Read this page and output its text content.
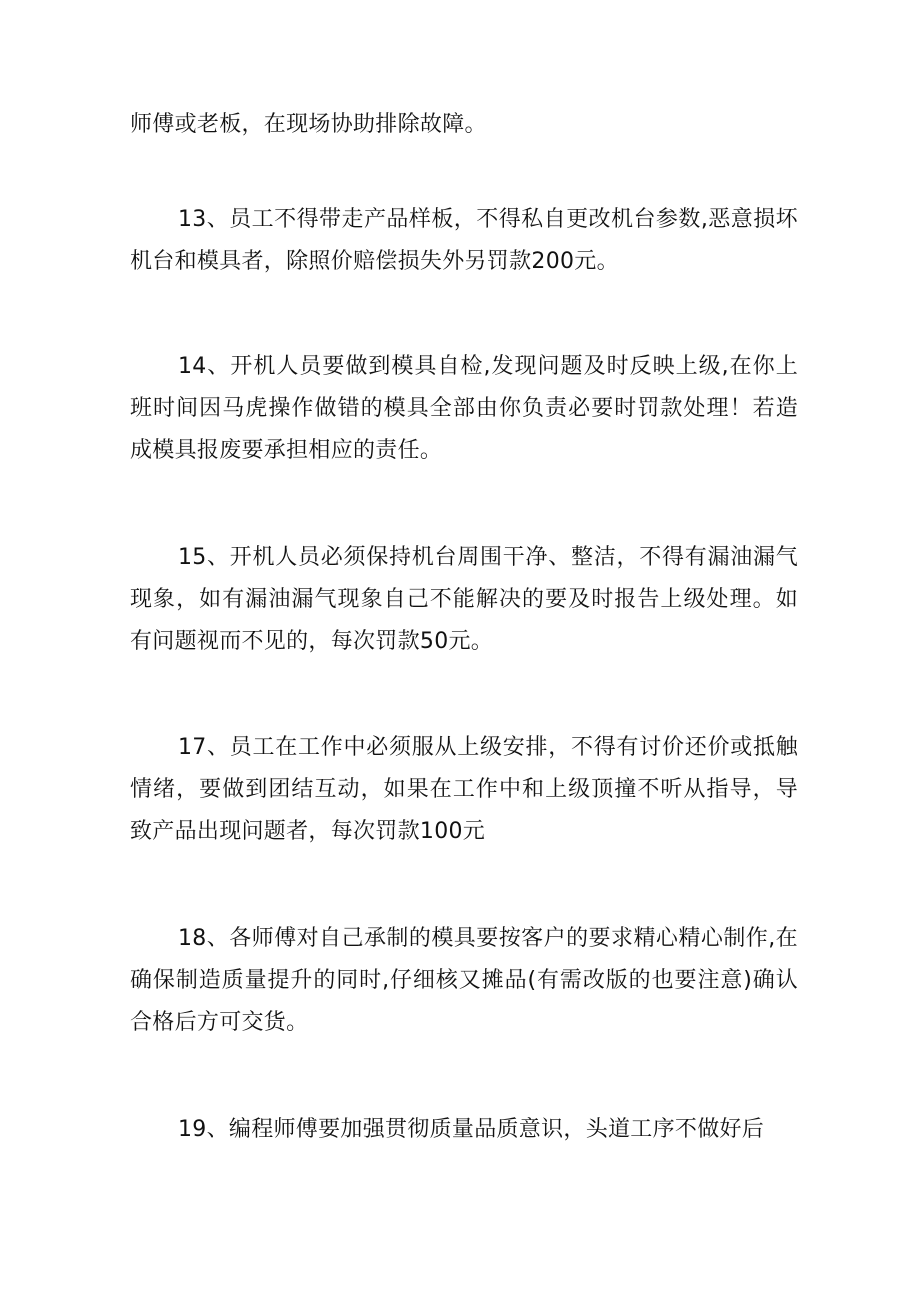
师傅或老板，在现场协助排除故障。

13、员工不得带走产品样板，不得私自更改机台参数,恶意损坏机台和模具者，除照价赔偿损失外另罚款200元。

14、开机人员要做到模具自检,发现问题及时反映上级,在你上班时间因马虎操作做错的模具全部由你负责必要时罚款处理！若造成模具报废要承担相应的责任。

15、开机人员必须保持机台周围干净、整洁，不得有漏油漏气现象，如有漏油漏气现象自己不能解决的要及时报告上级处理。如有问题视而不见的，每次罚款50元。

17、员工在工作中必须服从上级安排，不得有讨价还价或抵触情绪，要做到团结互动，如果在工作中和上级顶撞不听从指导，导致产品出现问题者，每次罚款100元

18、各师傅对自己承制的模具要按客户的要求精心精心制作,在确保制造质量提升的同时,仔细核又摊品(有需改版的也要注意)确认合格后方可交货。

19、编程师傅要加强贯彻质量品质意识，头道工序不做好后
